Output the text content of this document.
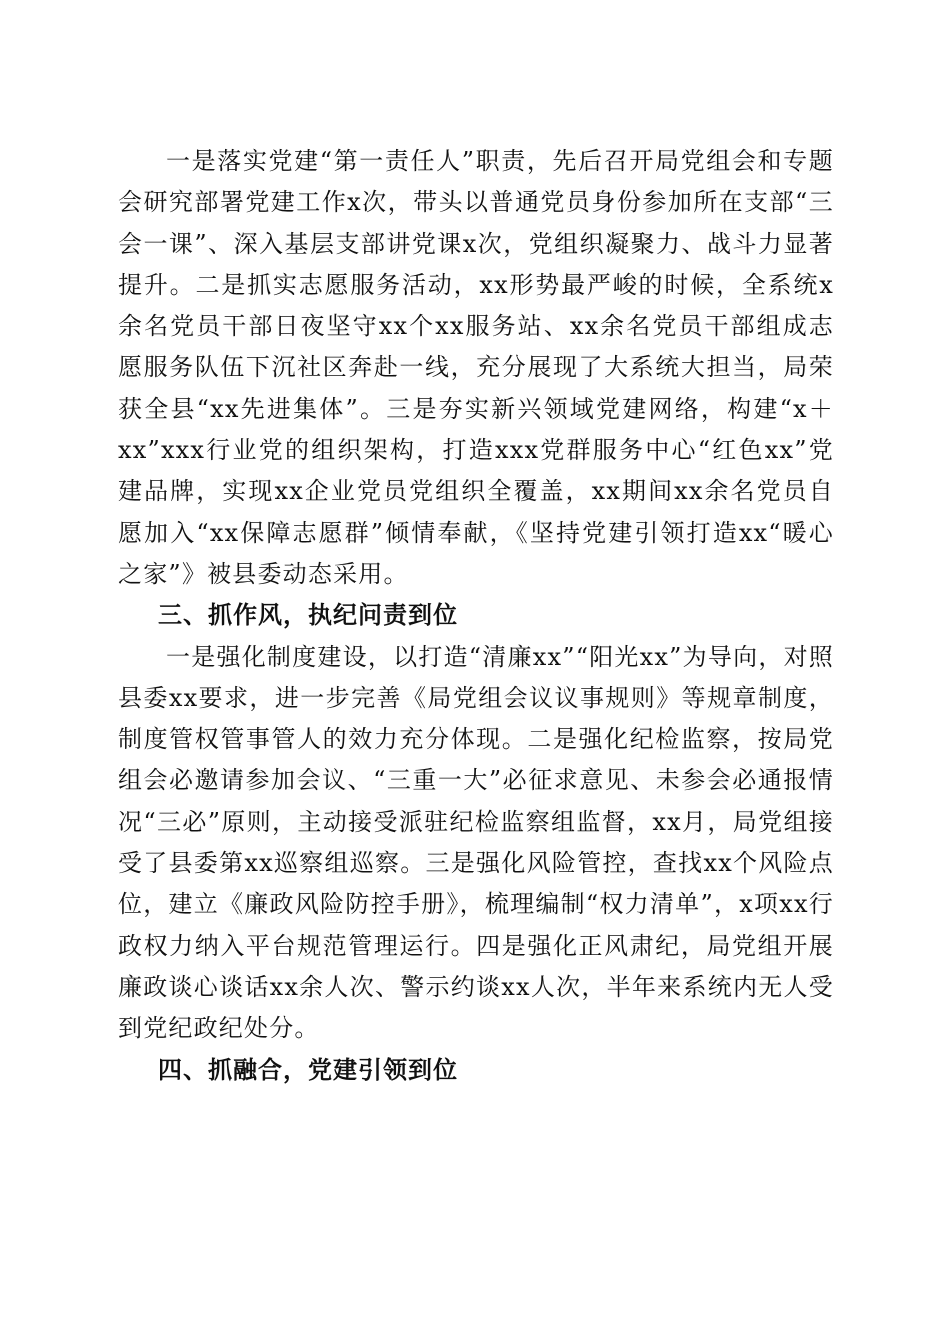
一是落实党建“第一责任人”职责，先后召开局党组会和专题会研究部署党建工作x次，带头以普通党员身份参加所在支部“三会一课”、深入基层支部讲党课x次，党组织凝聚力、战斗力显著提升。二是抓实志愿服务活动，xx形势最严峻的时候，全系统x余名党员干部日夜坚守xx个xx服务站、xx余名党员干部组成志愿服务队伍下沉社区奔赴一线，充分展现了大系统大担当，局荣获全县“xx先进集体”。三是夯实新兴领域党建网络，构建“x＋xx”xxx行业党的组织架构，打造xxx党群服务中心“红色xx”党建品牌，实现xx企业党员党组织全覆盖，xx期间xx余名党员自愿加入“xx保障志愿群”倾情奉献，《坚持党建引领打造xx“暖心之家”》被县委动态采用。

三、抓作风，执纪问责到位

一是强化制度建设，以打造“清廉xx”“阳光xx”为导向，对照县委xx要求，进一步完善《局党组会议议事规则》等规章制度，制度管权管事管人的效力充分体现。二是强化纪检监察，按局党组会必邀请参加会议、“三重一大”必征求意见、未参会必通报情况“三必”原则，主动接受派驻纪检监察组监督，xx月，局党组接受了县委第xx巡察组巡察。三是强化风险管控，查找xx个风险点位，建立《廉政风险防控手册》，梳理编制“权力清单”，x项xx行政权力纳入平台规范管理运行。四是强化正风肃纪，局党组开展廉政谈心谈话xx余人次、警示约谈xx人次，半年来系统内无人受到党纪政纪处分。

四、抓融合，党建引领到位
